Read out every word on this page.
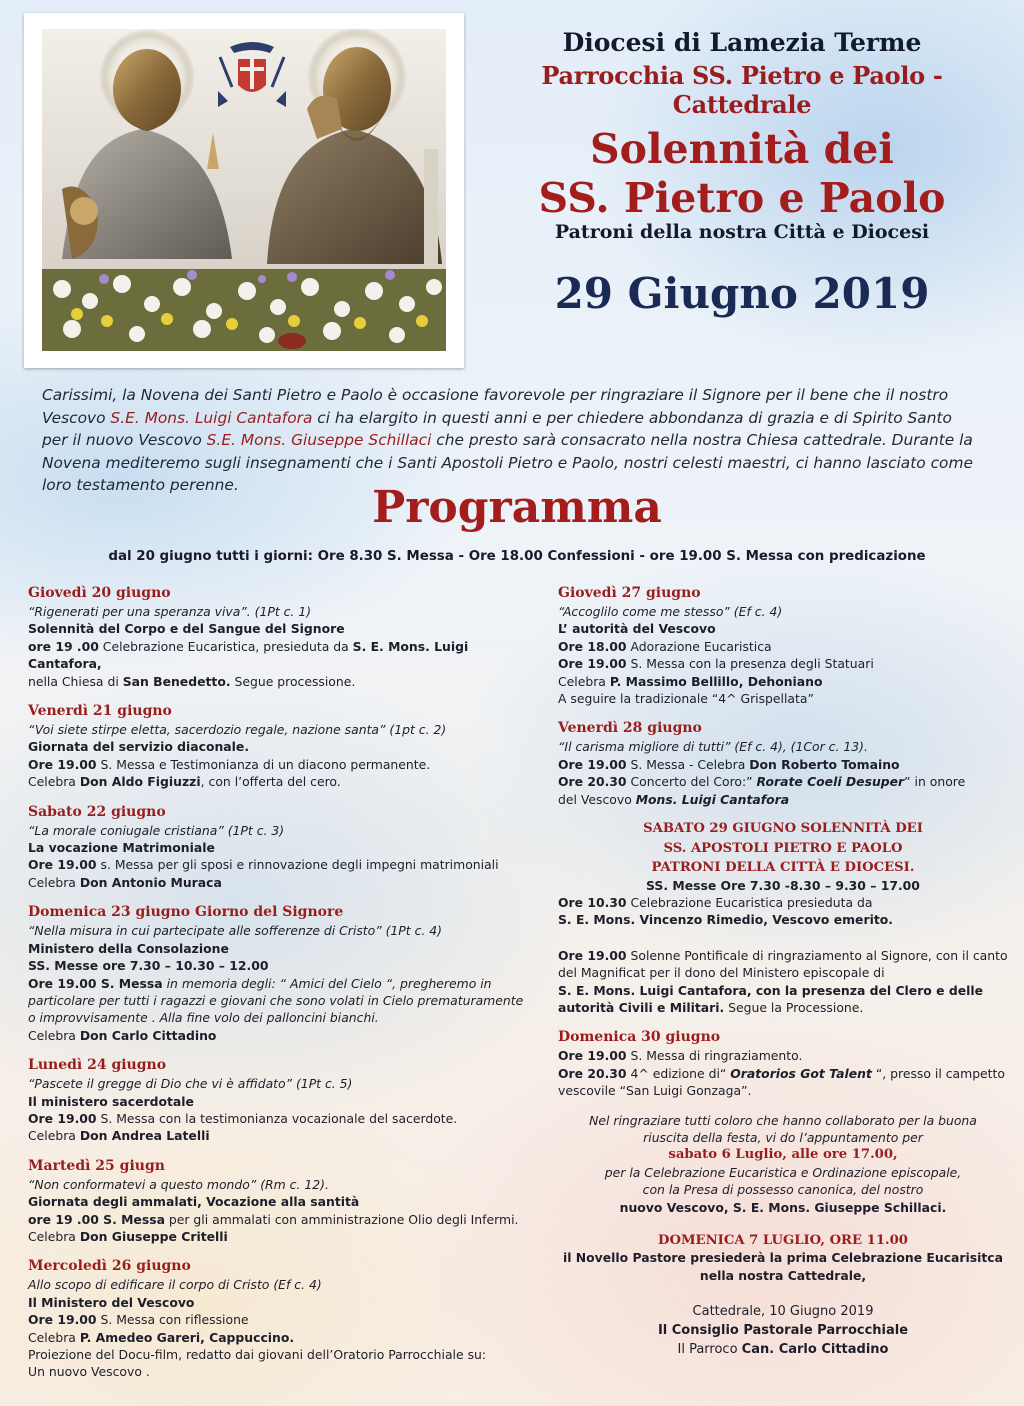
Diocesi di Lamezia Terme
Parrocchia SS. Pietro e Paolo - Cattedrale
Solennità dei
SS. Pietro e Paolo
Patroni della nostra Città e Diocesi
29 Giugno 2019
Carissimi, la Novena dei Santi Pietro e Paolo è occasione favorevole per ringraziare il Signore per il bene che il nostro Vescovo S.E. Mons. Luigi Cantafora ci ha elargito in questi anni e per chiedere abbondanza di grazia e di Spirito Santo per il nuovo Vescovo S.E. Mons. Giuseppe Schillaci che presto sarà consacrato nella nostra Chiesa cattedrale. Durante la Novena mediteremo sugli insegnamenti che i Santi Apostoli Pietro e Paolo, nostri celesti maestri, ci hanno lasciato come loro testamento perenne.	Programma
dal 20 giugno tutti i giorni: Ore 8.30 S. Messa - Ore 18.00 Confessioni - ore 19.00 S. Messa con predicazione
Giovedì 20 giugno
“Rigenerati per una speranza viva”. (1Pt c. 1)
Solennità del Corpo e del Sangue del Signore
ore 19 .00 Celebrazione Eucaristica, presieduta da S. E. Mons. Luigi Cantafora,
nella Chiesa di San Benedetto. Segue processione.
Venerdì 21 giugno
“Voi siete stirpe eletta, sacerdozio regale, nazione santa” (1pt c. 2)
Giornata del servizio diaconale.
Ore 19.00 S. Messa e Testimonianza di un diacono permanente.
Celebra Don Aldo Figiuzzi, con l’offerta del cero.
Sabato 22 giugno
“La morale coniugale cristiana” (1Pt c. 3)
La vocazione Matrimoniale
Ore 19.00 s. Messa per gli sposi e rinnovazione degli impegni matrimoniali
Celebra Don Antonio Muraca
Domenica 23 giugno Giorno del Signore
“Nella misura in cui partecipate alle sofferenze di Cristo” (1Pt c. 4)
Ministero della Consolazione
SS. Messe ore 7.30 – 10.30 – 12.00
Ore 19.00 S. Messa in memoria degli: “ Amici del Cielo “, pregheremo in particolare per tutti i ragazzi e giovani che sono volati in Cielo prematuramente o improvvisamente . Alla fine volo dei palloncini bianchi.
Celebra Don Carlo Cittadino
Lunedì 24 giugno
“Pascete il gregge di Dio che vi è affidato” (1Pt c. 5)
Il ministero sacerdotale
Ore 19.00 S. Messa con la testimonianza vocazionale del sacerdote.
Celebra Don Andrea Latelli
Martedì 25 giugn
“Non conformatevi a questo mondo” (Rm c. 12).
Giornata degli ammalati, Vocazione alla santità
ore 19 .00 S. Messa per gli ammalati con amministrazione Olio degli Infermi.
Celebra Don Giuseppe Critelli
Mercoledì 26 giugno
Allo scopo di edificare il corpo di Cristo (Ef c. 4)
Il Ministero del Vescovo
Ore 19.00 S. Messa con riflessione
Celebra P. Amedeo Gareri, Cappuccino.
Proiezione del Docu-film, redatto dai giovani dell’Oratorio Parrocchiale su:
Un nuovo Vescovo .
Giovedì 27 giugno
“Accoglilo come me stesso” (Ef c. 4)
L’ autorità del Vescovo
Ore 18.00 Adorazione Eucaristica
Ore 19.00 S. Messa con la presenza degli Statuari
Celebra P. Massimo Bellillo, Dehoniano
A seguire la tradizionale “4^ Grispellata”
Venerdì 28 giugno
“Il carisma migliore di tutti” (Ef c. 4), (1Cor c. 13).
Ore 19.00 S. Messa - Celebra Don Roberto Tomaino
Ore 20.30 Concerto del Coro:” Rorate Coeli Desuper” in onore
del Vescovo Mons. Luigi Cantafora
SABATO 29 GIUGNO SOLENNITÀ DEI
SS. APOSTOLI PIETRO E PAOLO
PATRONI DELLA CITTÀ E DIOCESI.
SS. Messe Ore 7.30 -8.30 – 9.30 – 17.00
Ore 10.30 Celebrazione Eucaristica presieduta da
S. E. Mons. Vincenzo Rimedio, Vescovo emerito.
Ore 19.00 Solenne Pontificale di ringraziamento al Signore, con il canto del Magnificat per il dono del Ministero episcopale di
S. E. Mons. Luigi Cantafora, con la presenza del Clero e delle autorità Civili e Militari. Segue la Processione.
Domenica 30 giugno
Ore 19.00 S. Messa di ringraziamento.
Ore 20.30 4^ edizione di“ Oratorios Got Talent “, presso il campetto vescovile “San Luigi Gonzaga”.
Nel ringraziare tutti coloro che hanno collaborato per la buona
riuscita della festa, vi do l’appuntamento per
sabato 6 Luglio, alle ore 17.00,
per la Celebrazione Eucaristica e Ordinazione episcopale,
con la Presa di possesso canonica, del nostro
nuovo Vescovo, S. E. Mons. Giuseppe Schillaci.
DOMENICA 7 LUGLIO, ORE 11.00
il Novello Pastore presiederà la prima Celebrazione Eucarisitca
nella nostra Cattedrale,
Cattedrale, 10 Giugno 2019
Il Consiglio Pastorale Parrocchiale
Il Parroco Can. Carlo Cittadino
